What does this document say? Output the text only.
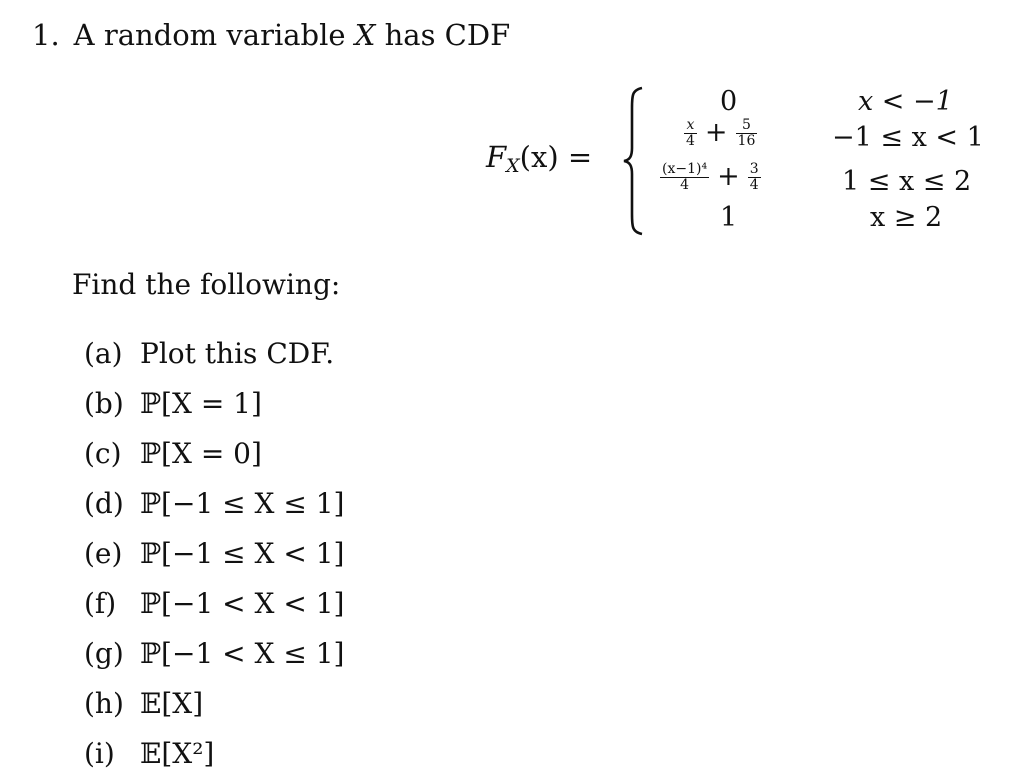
1. A random variable X has CDF
$F_X(x)$ =
0	x < −1
$\frac{x}{4} + \frac{5}{16}$	−1 ≤ x < 1
$\frac{\text{(x−1)⁴}}{4} + \frac{3}{4}$	1 ≤ x ≤ 2
1	x ≥ 2
Find the following:
(a) Plot this CDF.
(b) ℙ[X = 1]
(c) ℙ[X = 0]
(d) ℙ[−1 ≤ X ≤ 1]
(e) ℙ[−1 ≤ X < 1]
(f) ℙ[−1 < X < 1]
(g) ℙ[−1 < X ≤ 1]
(h) 𝔼[X]
(i) 𝔼[X²]
